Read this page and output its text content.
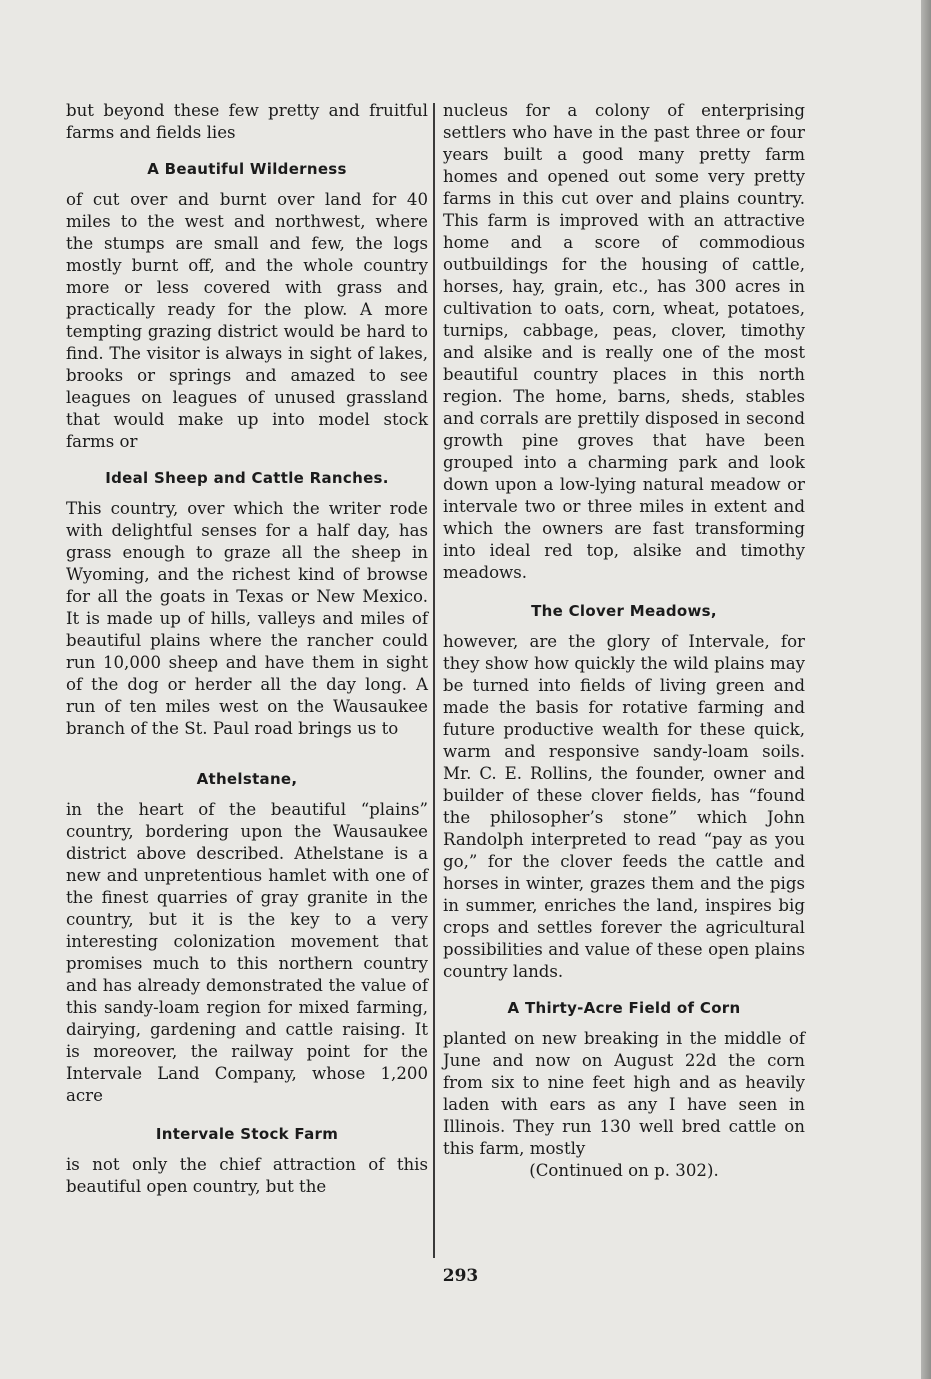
but beyond these few pretty and fruitful farms and fields lies

A Beautiful Wilderness

of cut over and burnt over land for 40 miles to the west and northwest, where the stumps are small and few, the logs mostly burnt off, and the whole country more or less covered with grass and practically ready for the plow. A more tempting grazing district would be hard to find. The visitor is always in sight of lakes, brooks or springs and amazed to see leagues on leagues of unused grassland that would make up into model stock farms or

Ideal Sheep and Cattle Ranches.

This country, over which the writer rode with delightful senses for a half day, has grass enough to graze all the sheep in Wyoming, and the richest kind of browse for all the goats in Texas or New Mexico. It is made up of hills, valleys and miles of beautiful plains where the rancher could run 10,000 sheep and have them in sight of the dog or herder all the day long. A run of ten miles west on the Wausaukee branch of the St. Paul road brings us to

Athelstane,

in the heart of the beautiful “plains” country, bordering upon the Wausaukee district above described. Athelstane is a new and unpretentious hamlet with one of the finest quarries of gray granite in the country, but it is the key to a very interesting colonization movement that promises much to this northern country and has already demonstrated the value of this sandy-loam region for mixed farming, dairying, gardening and cattle raising. It is moreover, the railway point for the Intervale Land Company, whose 1,200 acre

Intervale Stock Farm

is not only the chief attraction of this beautiful open country, but the

nucleus for a colony of enterprising settlers who have in the past three or four years built a good many pretty farm homes and opened out some very pretty farms in this cut over and plains country. This farm is improved with an attractive home and a score of commodious outbuildings for the housing of cattle, horses, hay, grain, etc., has 300 acres in cultivation to oats, corn, wheat, potatoes, turnips, cabbage, peas, clover, timothy and alsike and is really one of the most beautiful country places in this north region. The home, barns, sheds, stables and corrals are prettily disposed in second growth pine groves that have been grouped into a charming park and look down upon a low-lying natural meadow or intervale two or three miles in extent and which the owners are fast transforming into ideal red top, alsike and timothy meadows.

The Clover Meadows,

however, are the glory of Intervale, for they show how quickly the wild plains may be turned into fields of living green and made the basis for rotative farming and future productive wealth for these quick, warm and responsive sandy-loam soils. Mr. C. E. Rollins, the founder, owner and builder of these clover fields, has “found the philosopher’s stone” which John Randolph interpreted to read “pay as you go,” for the clover feeds the cattle and horses in winter, grazes them and the pigs in summer, enriches the land, inspires big crops and settles forever the agricultural possibilities and value of these open plains country lands.

A Thirty-Acre Field of Corn

planted on new breaking in the middle of June and now on August 22d the corn from six to nine feet high and as heavily laden with ears as any I have seen in Illinois. They run 130 well bred cattle on this farm, mostly

(Continued on p. 302).

293
